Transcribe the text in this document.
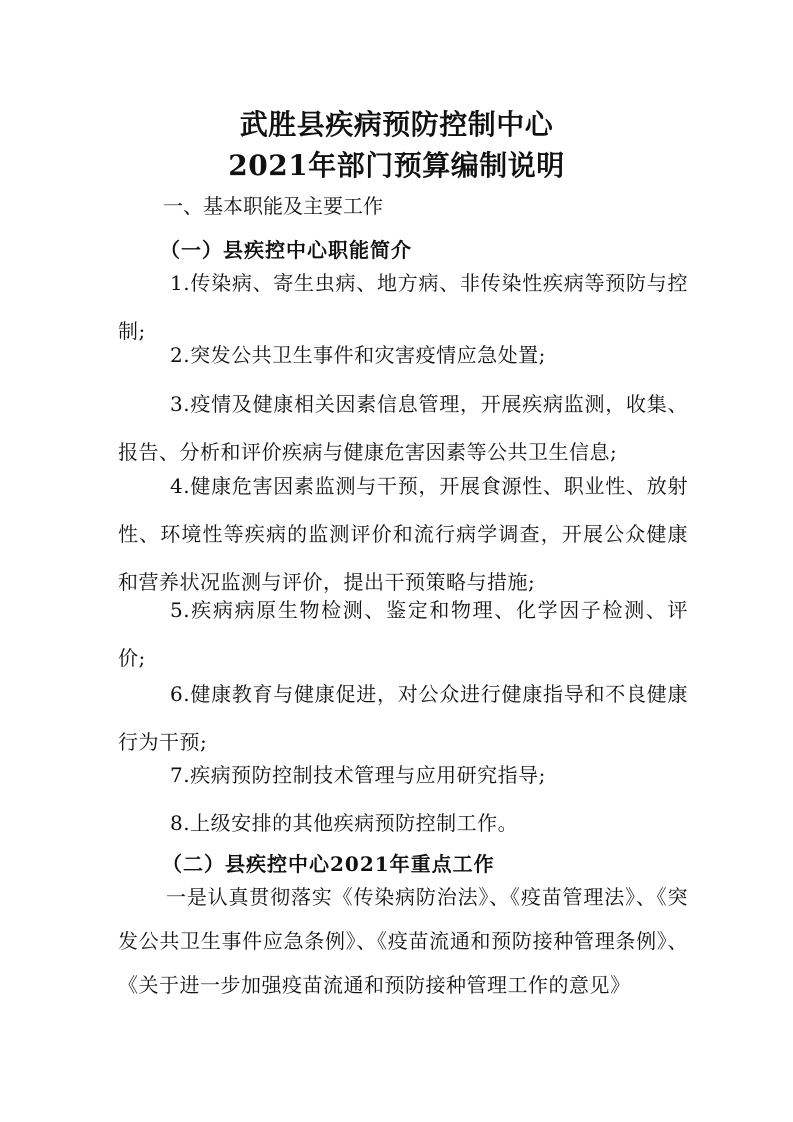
武胜县疾病预防控制中心
2021年部门预算编制说明
一、基本职能及主要工作
（一）县疾控中心职能简介

1.传染病、寄生虫病、地方病、非传染性疾病等预防与控制;

2.突发公共卫生事件和灾害疫情应急处置;

3.疫情及健康相关因素信息管理，开展疾病监测，收集、报告、分析和评价疾病与健康危害因素等公共卫生信息;

4.健康危害因素监测与干预，开展食源性、职业性、放射性、环境性等疾病的监测评价和流行病学调查，开展公众健康和营养状况监测与评价，提出干预策略与措施;

5.疾病病原生物检测、鉴定和物理、化学因子检测、评价;

6.健康教育与健康促进，对公众进行健康指导和不良健康行为干预;

7.疾病预防控制技术管理与应用研究指导;

8.上级安排的其他疾病预防控制工作。

（二）县疾控中心2021年重点工作

一是认真贯彻落实《传染病防治法》、《疫苗管理法》、《突发公共卫生事件应急条例》、《疫苗流通和预防接种管理条例》、《关于进一步加强疫苗流通和预防接种管理工作的意见》
